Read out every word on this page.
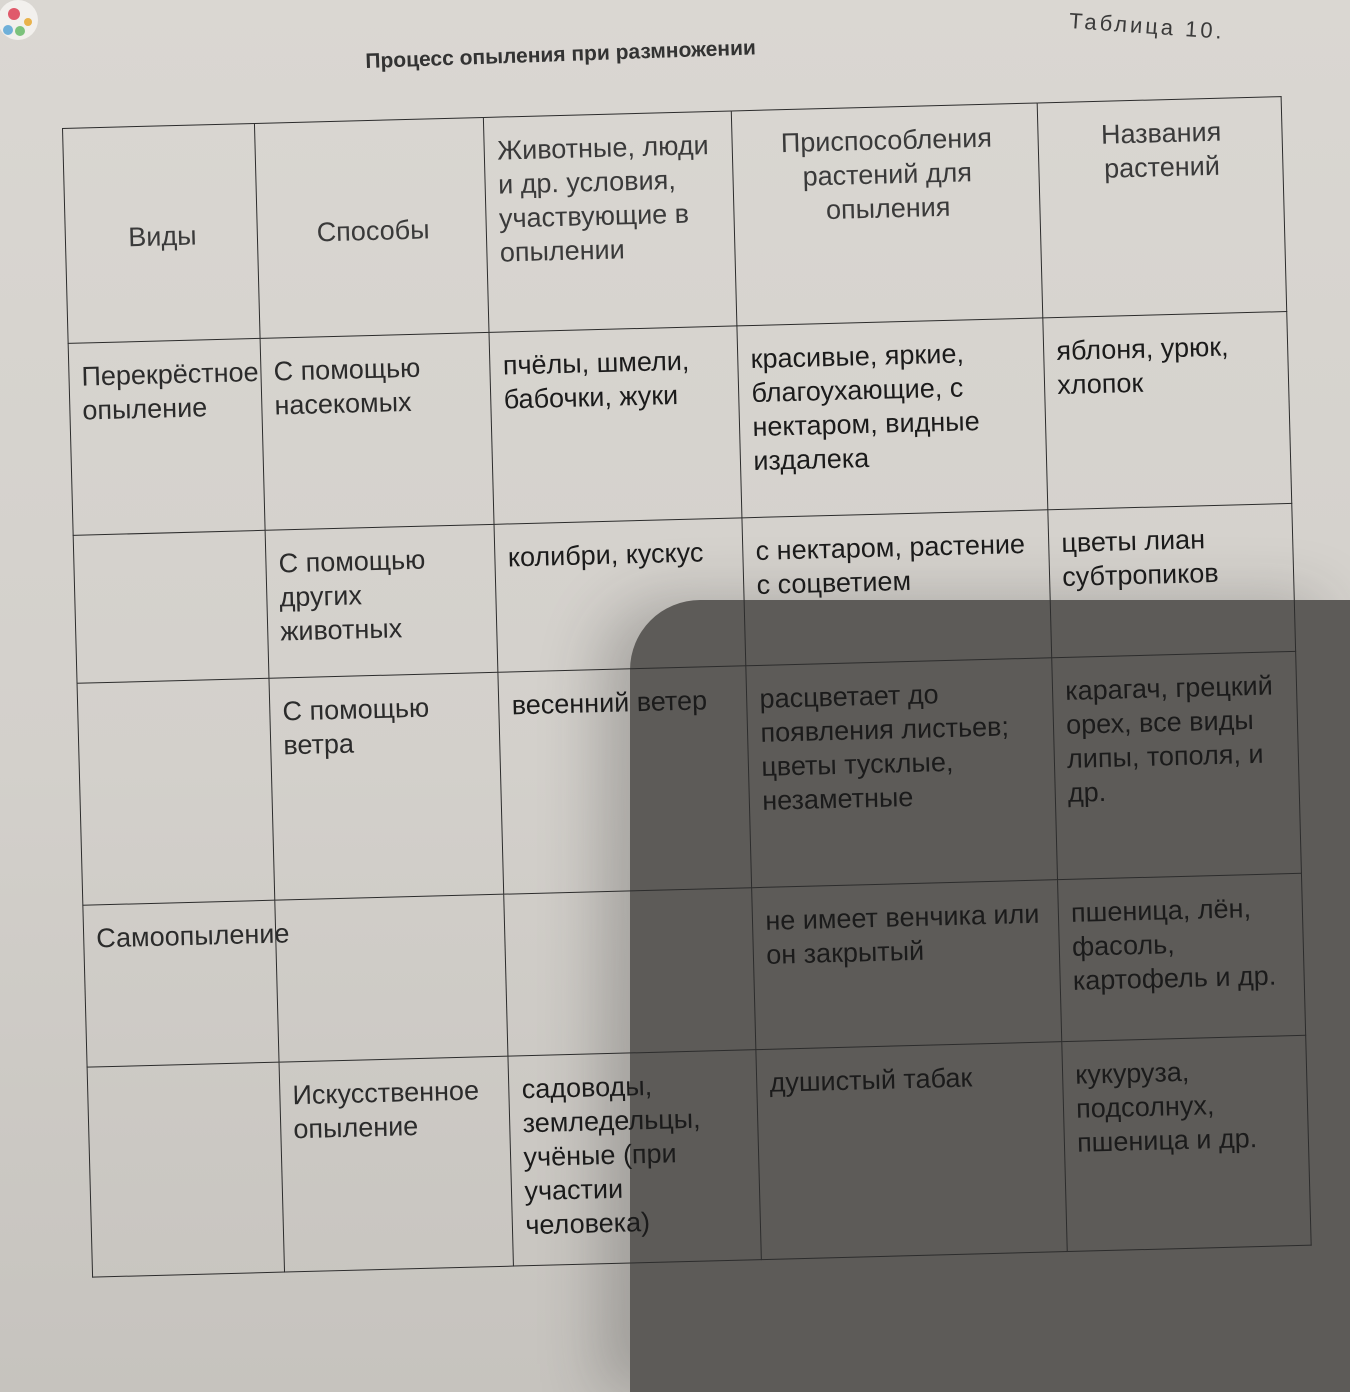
Таблица 10.
Процесс опыления при размножении
Виды	Способы	Животные, люди и др. условия, участвующие в опылении	Приспособления растений для опыления	Названия растений
Перекрёстное опыление	С помощью насекомых	пчёлы, шмели, бабочки, жуки	красивые, яркие, благоухающие, с нектаром, видные издалека	яблоня, урюк, хлопок
	С помощью других животных	колибри, кускус	с нектаром, растение с соцветием	цветы лиан субтропиков
	С помощью ветра	весенний ветер	расцветает до появления листьев; цветы тусклые, незаметные	карагач, грецкий орех, все виды липы, тополя, и др.
Самоопыление			не имеет венчика или он закрытый	пшеница, лён, фасоль, картофель и др.
	Искусственное опыление	садоводы, земледельцы, учёные (при участии человека)	душистый табак	кукуруза, подсолнух, пшеница и др.
